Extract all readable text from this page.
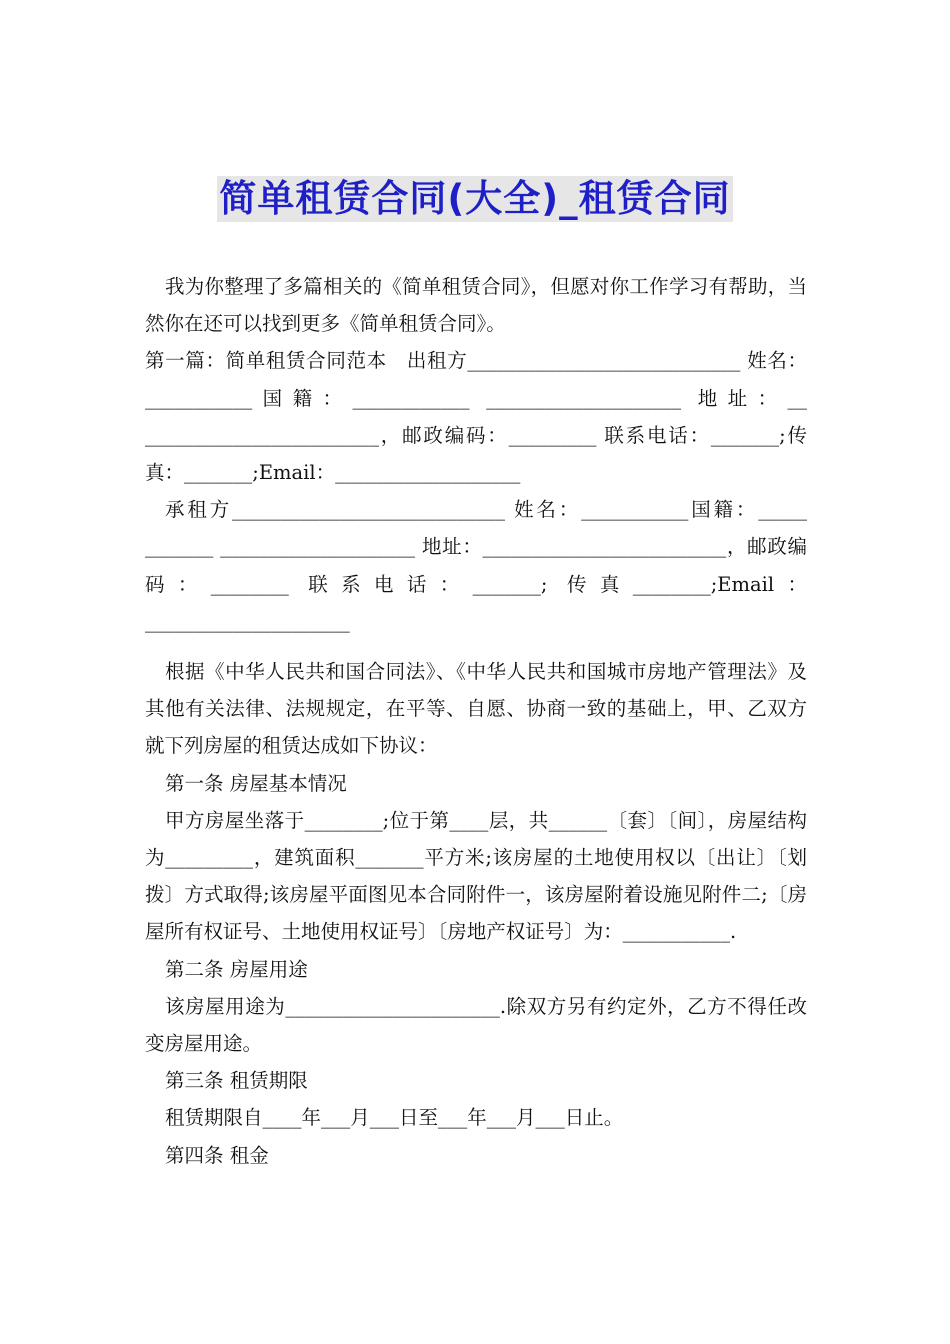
简单租赁合同(大全)_租赁合同

我为你整理了多篇相关的《简单租赁合同》，但愿对你工作学习有帮助，当然你在还可以找到更多《简单租赁合同》。

第一篇：简单租赁合同范本　出租方____________________________ 姓名：___________国籍：____________ ____________________ 地址：__ ________________________，邮政编码：_________ 联系电话：_______;传真：_______;Email：___________________

承租方____________________________ 姓名：___________国籍：_____ _______ ____________________ 地址：_________________________，邮政编码：________ 联系电话：_______; 传真________;Email：_____________________

根据《中华人民共和国合同法》、《中华人民共和国城市房地产管理法》及其他有关法律、法规规定，在平等、自愿、协商一致的基础上，甲、乙双方就下列房屋的租赁达成如下协议：

第一条 房屋基本情况

甲方房屋坐落于________;位于第____层，共______〔套〕〔间〕，房屋结构为_________，建筑面积_______平方米;该房屋的土地使用权以〔出让〕〔划拨〕方式取得;该房屋平面图见本合同附件一，该房屋附着设施见附件二;〔房屋所有权证号、土地使用权证号〕〔房地产权证号〕为：___________.

第二条 房屋用途

该房屋用途为______________________.除双方另有约定外，乙方不得任改变房屋用途。

第三条 租赁期限

租赁期限自____年___月___日至___年___月___日止。

第四条 租金
